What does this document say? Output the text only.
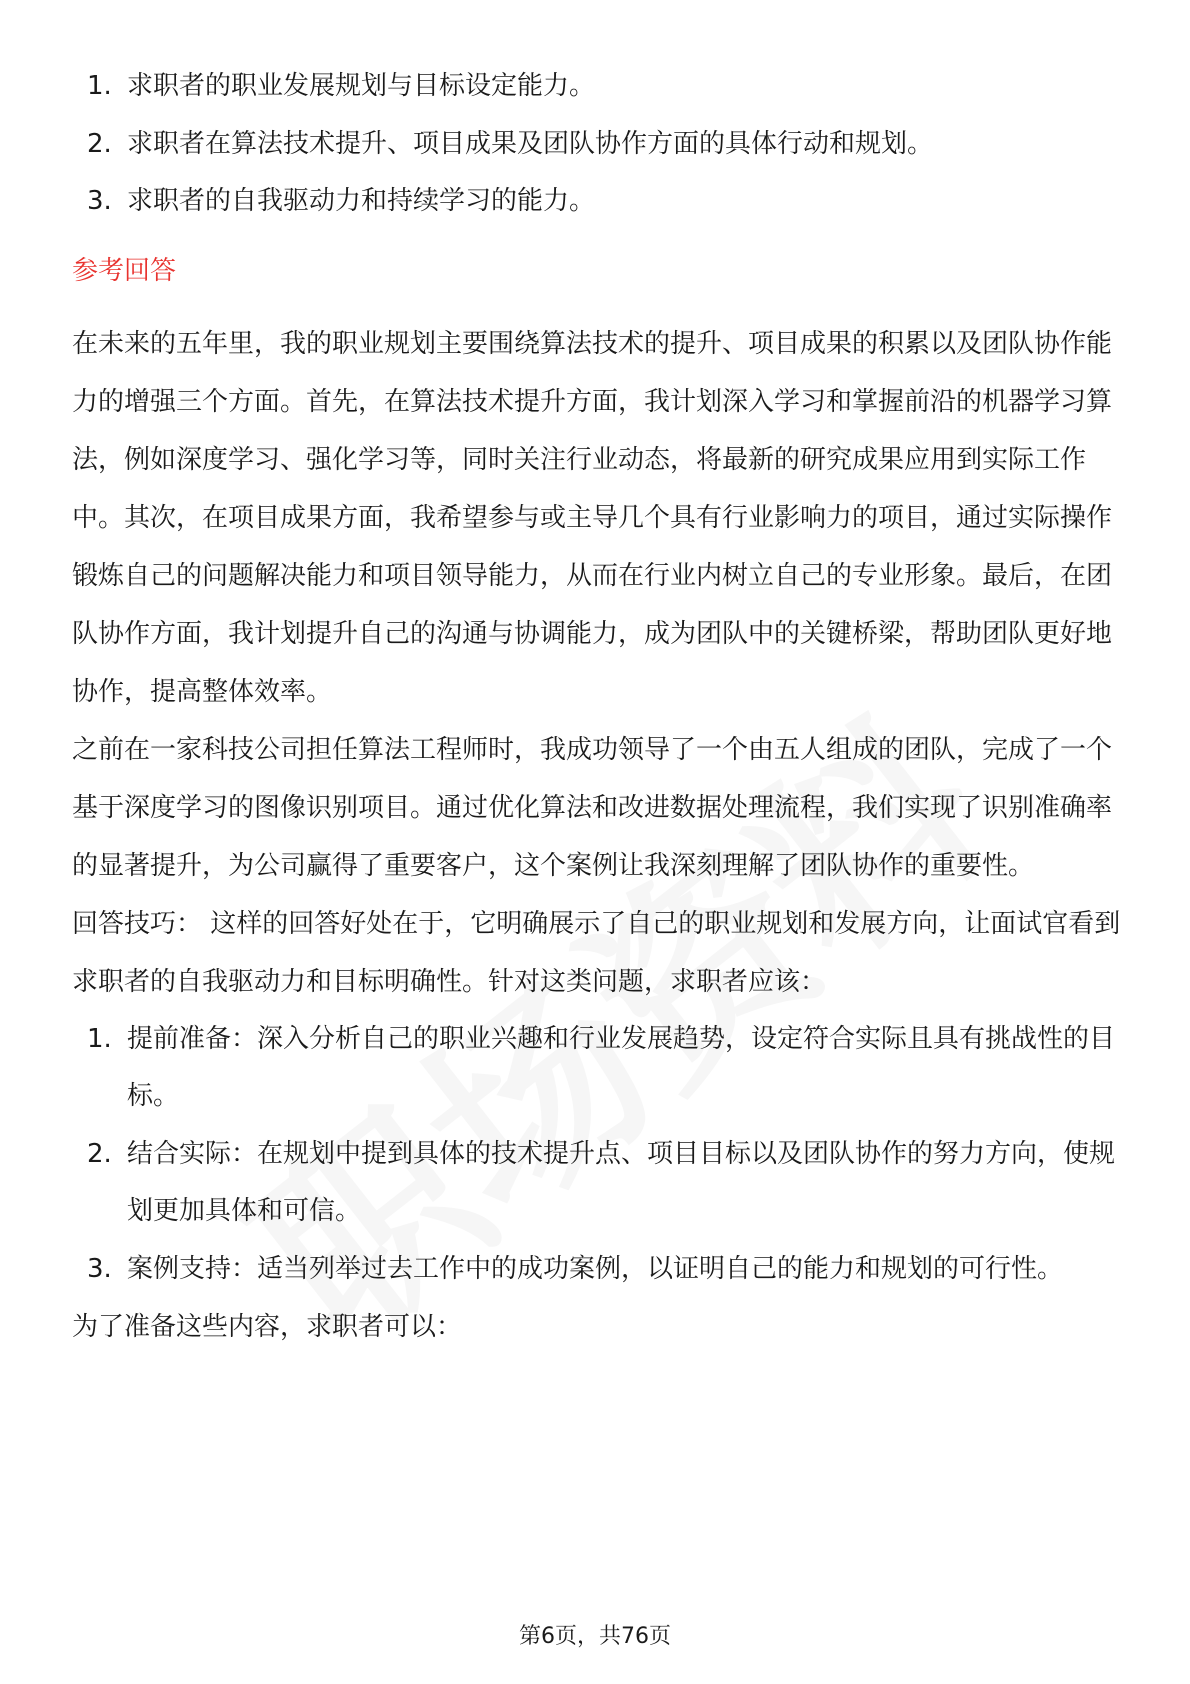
1. 求职者的职业发展规划与目标设定能力。
2. 求职者在算法技术提升、项目成果及团队协作方面的具体行动和规划。
3. 求职者的自我驱动力和持续学习的能力。
参考回答

在未来的五年里，我的职业规划主要围绕算法技术的提升、项目成果的积累以及团队协作能力的增强三个方面。首先，在算法技术提升方面，我计划深入学习和掌握前沿的机器学习算法，例如深度学习、强化学习等，同时关注行业动态，将最新的研究成果应用到实际工作中。其次，在项目成果方面，我希望参与或主导几个具有行业影响力的项目，通过实际操作锻炼自己的问题解决能力和项目领导能力，从而在行业内树立自己的专业形象。最后，在团队协作方面，我计划提升自己的沟通与协调能力，成为团队中的关键桥梁，帮助团队更好地协作，提高整体效率。

之前在一家科技公司担任算法工程师时，我成功领导了一个由五人组成的团队，完成了一个基于深度学习的图像识别项目。通过优化算法和改进数据处理流程，我们实现了识别准确率的显著提升，为公司赢得了重要客户，这个案例让我深刻理解了团队协作的重要性。

回答技巧： 这样的回答好处在于，它明确展示了自己的职业规划和发展方向，让面试官看到求职者的自我驱动力和目标明确性。针对这类问题，求职者应该：

1. 提前准备：深入分析自己的职业兴趣和行业发展趋势，设定符合实际且具有挑战性的目标。
2. 结合实际：在规划中提到具体的技术提升点、项目目标以及团队协作的努力方向，使规划更加具体和可信。
3. 案例支持：适当列举过去工作中的成功案例，以证明自己的能力和规划的可行性。

为了准备这些内容，求职者可以：

第6页，共76页
